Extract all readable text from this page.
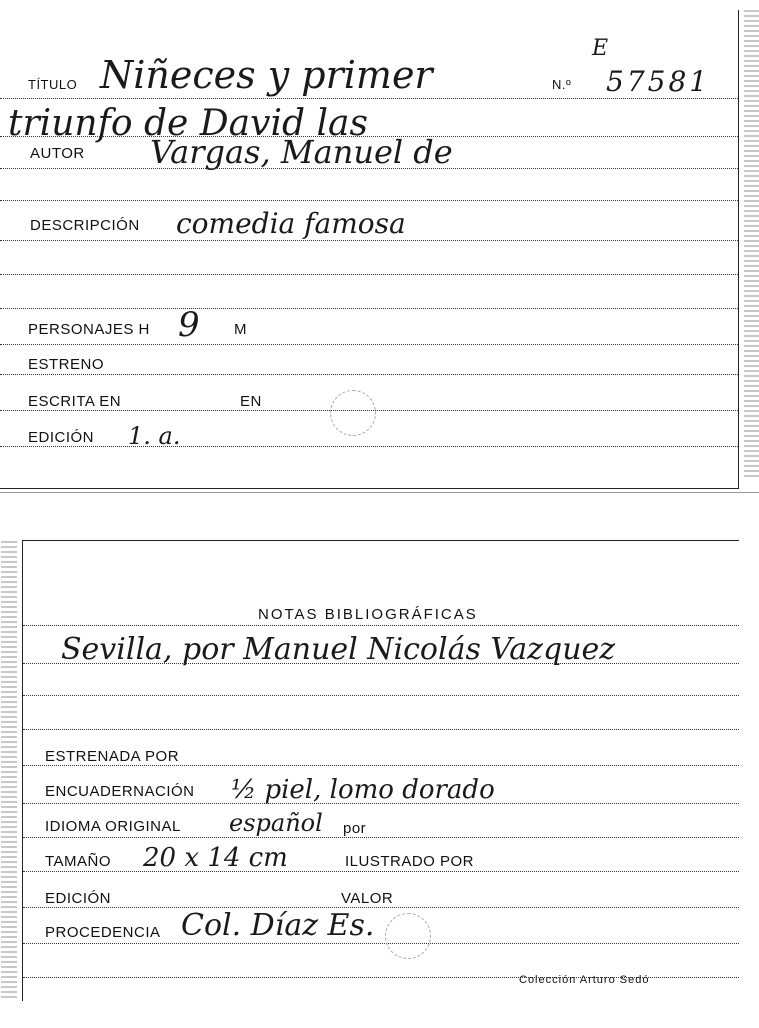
TÍTULO Niñeces y primer	N.º
E
57581
triunfo de David las
AUTOR Vargas, Manuel de
DESCRIPCIÓN comedia famosa
PERSONAJES H 9 M
ESTRENO
ESCRITA EN	EN
EDICIÓN 1. a.
NOTAS BIBLIOGRÁFICAS
Sevilla, por Manuel Nicolás Vazquez
ESTRENADA POR
ENCUADERNACIÓN ½ piel, lomo dorado
IDIOMA ORIGINAL español por
TAMAÑO 20 x 14 cm	ILUSTRADO POR
EDICIÓN	VALOR
PROCEDENCIA Col. Díaz Es.
Colección Arturo Sedó
